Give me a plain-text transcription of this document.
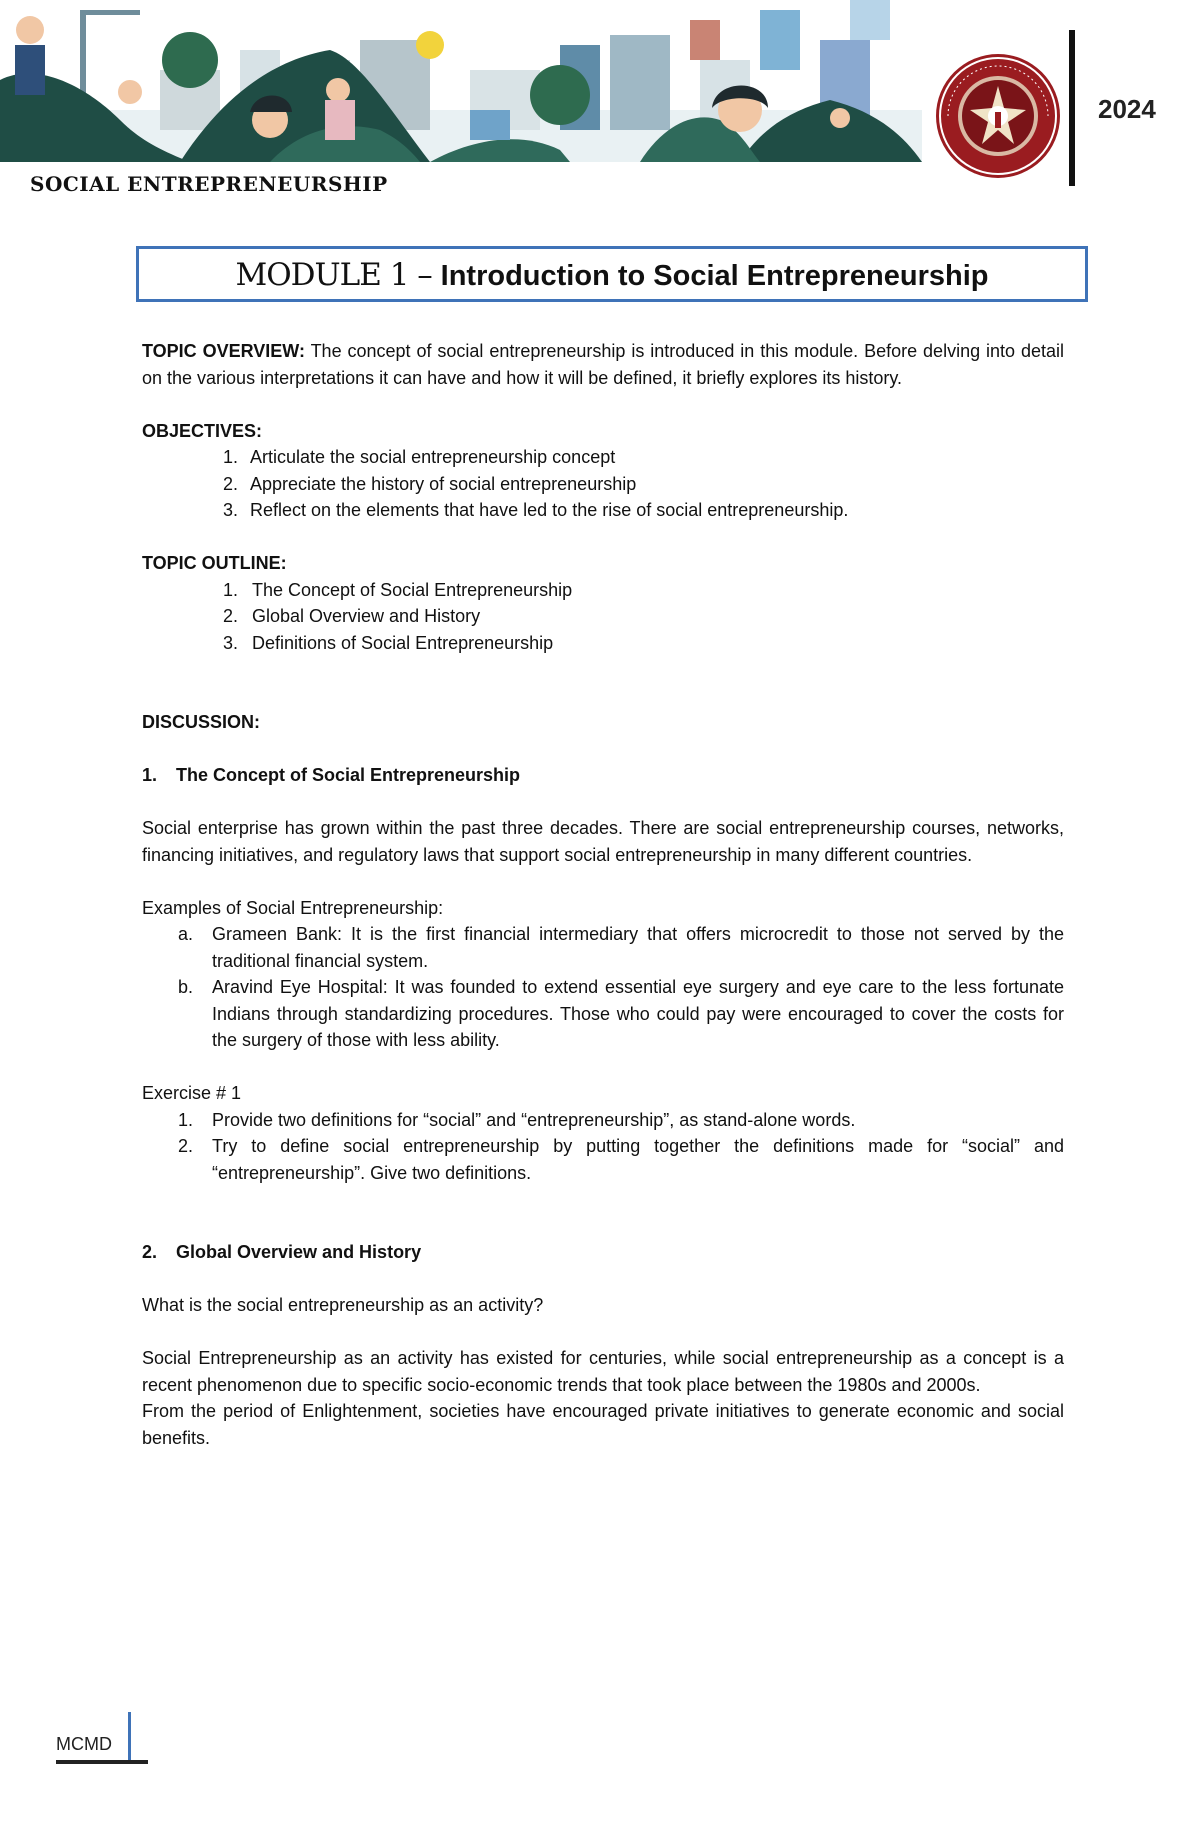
2024
SOCIAL ENTREPRENEURSHIP
MODULE 1 – Introduction to Social Entrepreneurship

TOPIC OVERVIEW: The concept of social entrepreneurship is introduced in this module. Before delving into detail on the various interpretations it can have and how it will be defined, it briefly explores its history.

OBJECTIVES:

1. Articulate the social entrepreneurship concept
2. Appreciate the history of social entrepreneurship
3. Reflect on the elements that have led to the rise of social entrepreneurship.

TOPIC OUTLINE:

1. The Concept of Social Entrepreneurship
2. Global Overview and History
3. Definitions of Social Entrepreneurship

DISCUSSION:

1.	The Concept of Social Entrepreneurship

Social enterprise has grown within the past three decades. There are social entrepreneurship courses, networks, financing initiatives, and regulatory laws that support social entrepreneurship in many different countries.

Examples of Social Entrepreneurship:

a.	Grameen Bank: It is the first financial intermediary that offers microcredit to those not served by the traditional financial system.
b.	Aravind Eye Hospital: It was founded to extend essential eye surgery and eye care to the less fortunate Indians through standardizing procedures. Those who could pay were encouraged to cover the costs for the surgery of those with less ability.

Exercise # 1

1.	Provide two definitions for “social” and “entrepreneurship”, as stand-alone words.
2.	Try to define social entrepreneurship by putting together the definitions made for “social” and “entrepreneurship”. Give two definitions.
2.	Global Overview and History

What is the social entrepreneurship as an activity?

Social Entrepreneurship as an activity has existed for centuries, while social entrepreneurship as a concept is a recent phenomenon due to specific socio-economic trends that took place between the 1980s and 2000s.

From the period of Enlightenment, societies have encouraged private initiatives to generate economic and social benefits.

MCMD
